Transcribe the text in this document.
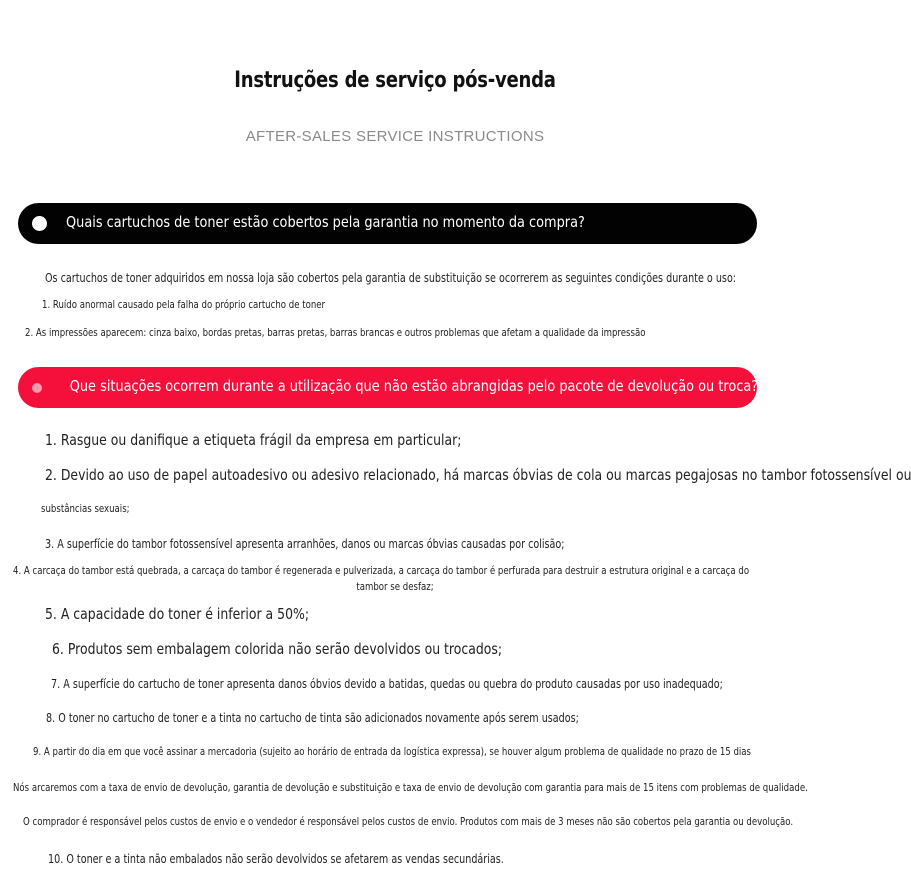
Instruções de serviço pós-venda
AFTER-SALES SERVICE INSTRUCTIONS
Quais cartuchos de toner estão cobertos pela garantia no momento da compra?
Os cartuchos de toner adquiridos em nossa loja são cobertos pela garantia de substituição se ocorrerem as seguintes condições durante o uso:
1. Ruído anormal causado pela falha do próprio cartucho de toner
2. As impressões aparecem: cinza baixo, bordas pretas, barras pretas, barras brancas e outros problemas que afetam a qualidade da impressão
Que situações ocorrem durante a utilização que não estão abrangidas pelo pacote de devolução ou troca?
1. Rasgue ou danifique a etiqueta frágil da empresa em particular;
2. Devido ao uso de papel autoadesivo ou adesivo relacionado, há marcas óbvias de cola ou marcas pegajosas no tambor fotossensível ou
substâncias sexuais;
3. A superfície do tambor fotossensível apresenta arranhões, danos ou marcas óbvias causadas por colisão;
4. A carcaça do tambor está quebrada, a carcaça do tambor é regenerada e pulverizada, a carcaça do tambor é perfurada para destruir a estrutura original e a carcaça do
tambor se desfaz;
5. A capacidade do toner é inferior a 50%;
6. Produtos sem embalagem colorida não serão devolvidos ou trocados;
7. A superfície do cartucho de toner apresenta danos óbvios devido a batidas, quedas ou quebra do produto causadas por uso inadequado;
8. O toner no cartucho de toner e a tinta no cartucho de tinta são adicionados novamente após serem usados;
9. A partir do dia em que você assinar a mercadoria (sujeito ao horário de entrada da logística expressa), se houver algum problema de qualidade no prazo de 15 dias
Nós arcaremos com a taxa de envio de devolução, garantia de devolução e substituição e taxa de envio de devolução com garantia para mais de 15 itens com problemas de qualidade.
O comprador é responsável pelos custos de envio e o vendedor é responsável pelos custos de envio. Produtos com mais de 3 meses não são cobertos pela garantia ou devolução.
10. O toner e a tinta não embalados não serão devolvidos se afetarem as vendas secundárias.
